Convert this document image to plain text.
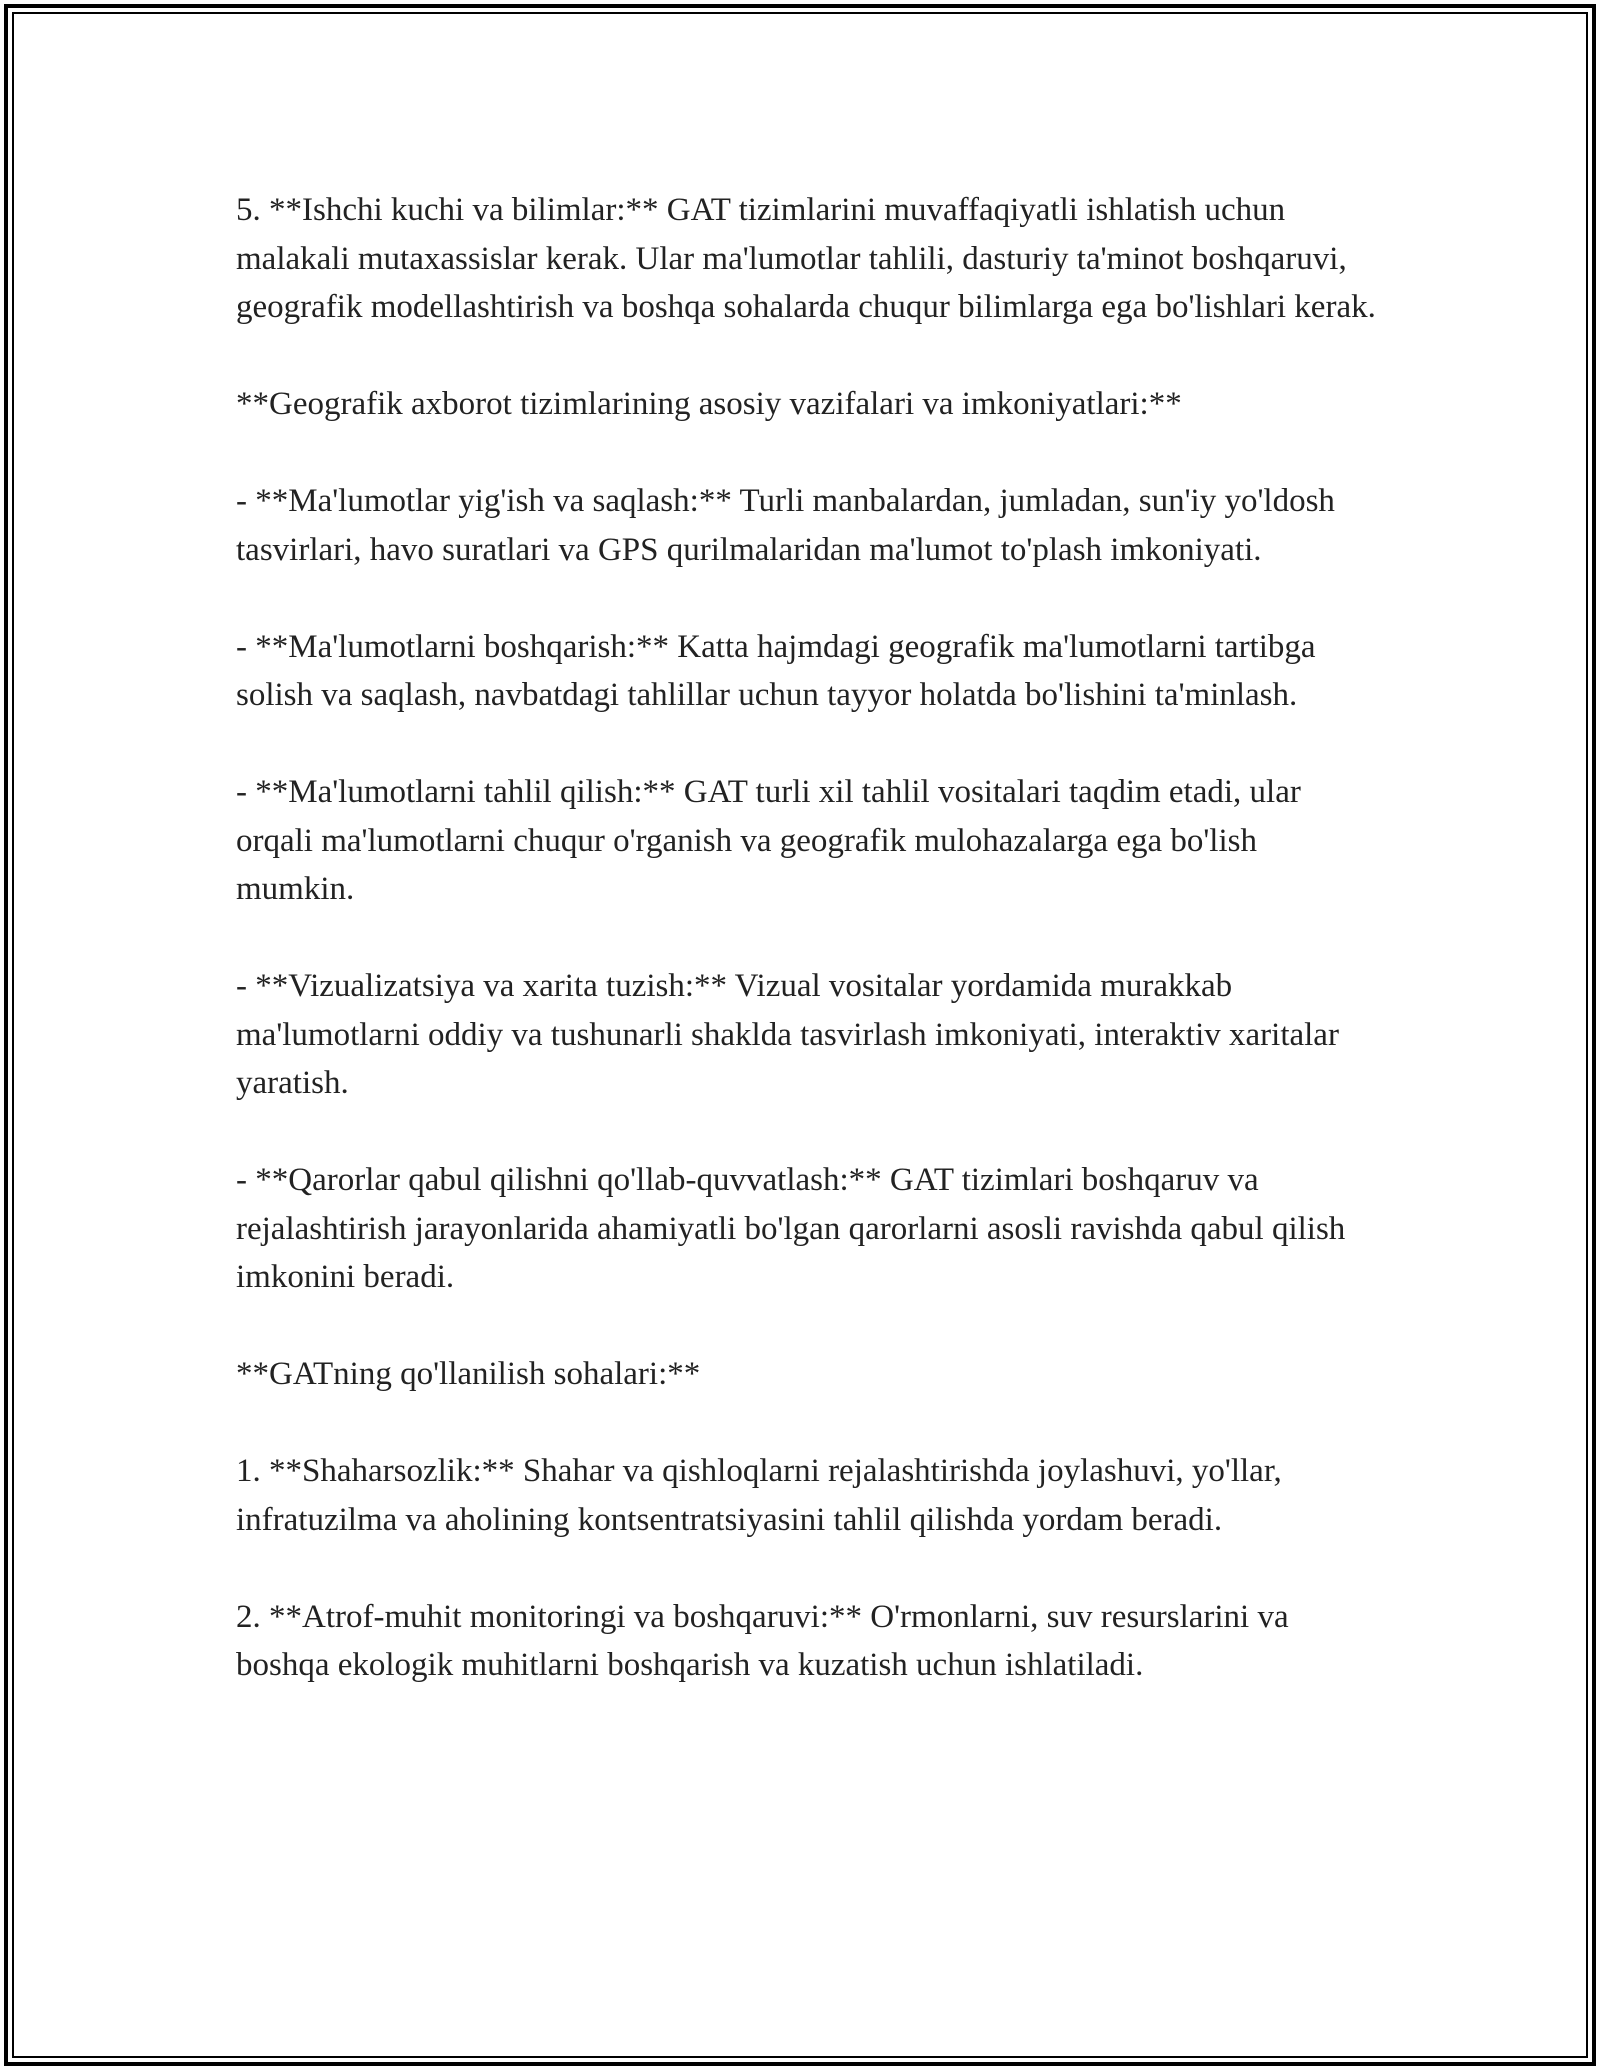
5. **Ishchi kuchi va bilimlar:** GAT tizimlarini muvaffaqiyatli ishlatish uchun malakali mutaxassislar kerak. Ular ma'lumotlar tahlili, dasturiy ta'minot boshqaruvi, geografik modellashtirish va boshqa sohalarda chuqur bilimlarga ega bo'lishlari kerak.

**Geografik axborot tizimlarining asosiy vazifalari va imkoniyatlari:**

- **Ma'lumotlar yig'ish va saqlash:** Turli manbalardan, jumladan, sun'iy yo'ldosh tasvirlari, havo suratlari va GPS qurilmalaridan ma'lumot to'plash imkoniyati.

- **Ma'lumotlarni boshqarish:** Katta hajmdagi geografik ma'lumotlarni tartibga solish va saqlash, navbatdagi tahlillar uchun tayyor holatda bo'lishini ta'minlash.

- **Ma'lumotlarni tahlil qilish:** GAT turli xil tahlil vositalari taqdim etadi, ular orqali ma'lumotlarni chuqur o'rganish va geografik mulohazalarga ega bo'lish mumkin.

- **Vizualizatsiya va xarita tuzish:** Vizual vositalar yordamida murakkab ma'lumotlarni oddiy va tushunarli shaklda tasvirlash imkoniyati, interaktiv xaritalar yaratish.

- **Qarorlar qabul qilishni qo'llab-quvvatlash:** GAT tizimlari boshqaruv va rejalashtirish jarayonlarida ahamiyatli bo'lgan qarorlarni asosli ravishda qabul qilish imkonini beradi.

**GATning qo'llanilish sohalari:**

1. **Shaharsozlik:** Shahar va qishloqlarni rejalashtirishda joylashuvi, yo'llar, infratuzilma va aholining kontsentratsiyasini tahlil qilishda yordam beradi.

2. **Atrof-muhit monitoringi va boshqaruvi:** O'rmonlarni, suv resurslarini va boshqa ekologik muhitlarni boshqarish va kuzatish uchun ishlatiladi.
